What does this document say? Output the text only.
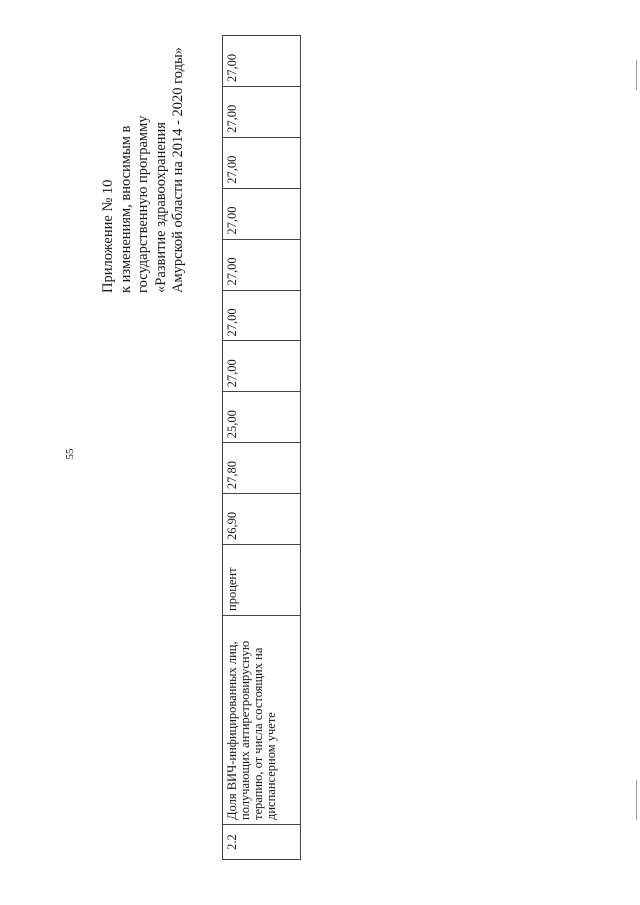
55
Приложение № 10 к изменениям, вносимым в государственную программу «Развитие здравоохранения Амурской области на 2014 - 2020 годы»
2.2	Доля ВИЧ-инфицированных лиц, получающих антиретровирусную терапию, от числа состоящих на диспансерном учете	процент	26,90	27,80	25,00	27,00	27,00	27,00	27,00	27,00	27,00	27,00
